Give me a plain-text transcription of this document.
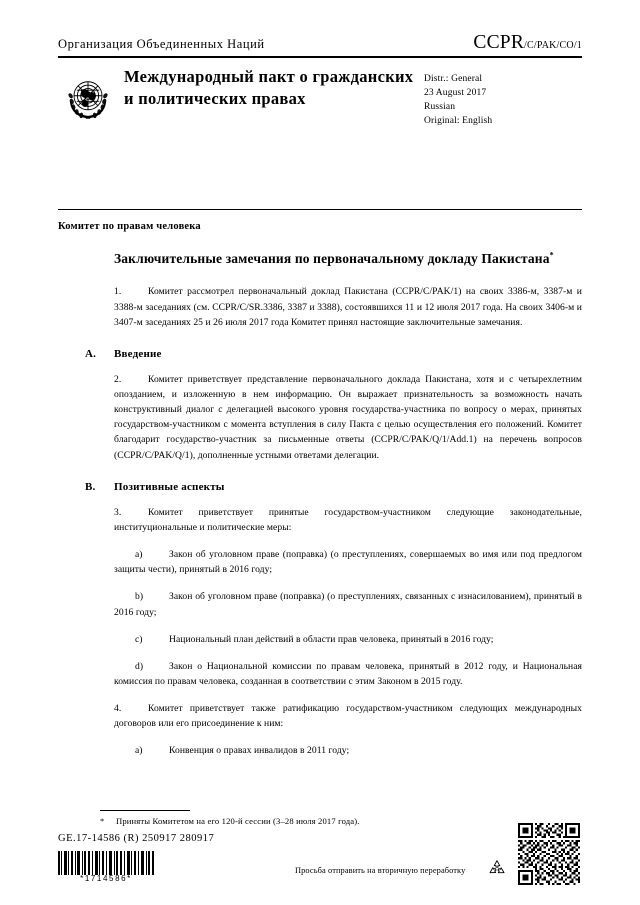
Организация Объединенных Наций	CCPR/C/PAK/CO/1
Международный пакт о гражданских и политических правах
Distr.: General
23 August 2017
Russian
Original: English
Комитет по правам человека
Заключительные замечания по первоначальному докладу Пакистана*

1.	Комитет рассмотрел первоначальный доклад Пакистана (CCPR/C/PAK/1) на своих 3386-м, 3387-м и 3388-м заседаниях (см. CCPR/C/SR.3386, 3387 и 3388), состоявшихся 11 и 12 июля 2017 года. На своих 3406-м и 3407-м заседаниях 25 и 26 июля 2017 года Комитет принял настоящие заключительные замечания.

A. Введение

2.	Комитет приветствует представление первоначального доклада Пакистана, хотя и с четырехлетним опозданием, и изложенную в нем информацию. Он выражает признательность за возможность начать конструктивный диалог с делегацией высокого уровня государства-участника по вопросу о мерах, принятых государством-участником с момента вступления в силу Пакта с целью осуществления его положений. Комитет благодарит государство-участник за письменные ответы (CCPR/C/PAK/Q/1/Add.1) на перечень вопросов (CCPR/C/PAK/Q/1), дополненные устными ответами делегации.

B. Позитивные аспекты

3.	Комитет приветствует принятые государством-участником следующие законодательные, институциональные и политические меры:

a)	Закон об уголовном праве (поправка) (о преступлениях, совершаемых во имя или под предлогом защиты чести), принятый в 2016 году;

b)	Закон об уголовном праве (поправка) (о преступлениях, связанных с изнасилованием), принятый в 2016 году;

c)	Национальный план действий в области прав человека, принятый в 2016 году;

d)	Закон о Национальной комиссии по правам человека, принятый в 2012 году, и Национальная комиссия по правам человека, созданная в соответствии с этим Законом в 2015 году.

4.	Комитет приветствует также ратификацию государством-участником следующих международных договоров или его присоединение к ним:

a)	Конвенция о правах инвалидов в 2011 году;

* Приняты Комитетом на его 120-й сессии (3–28 июля 2017 года).
GE.17-14586 (R) 250917 280917
*1714586*
Просьба отправить на вторичную переработку
